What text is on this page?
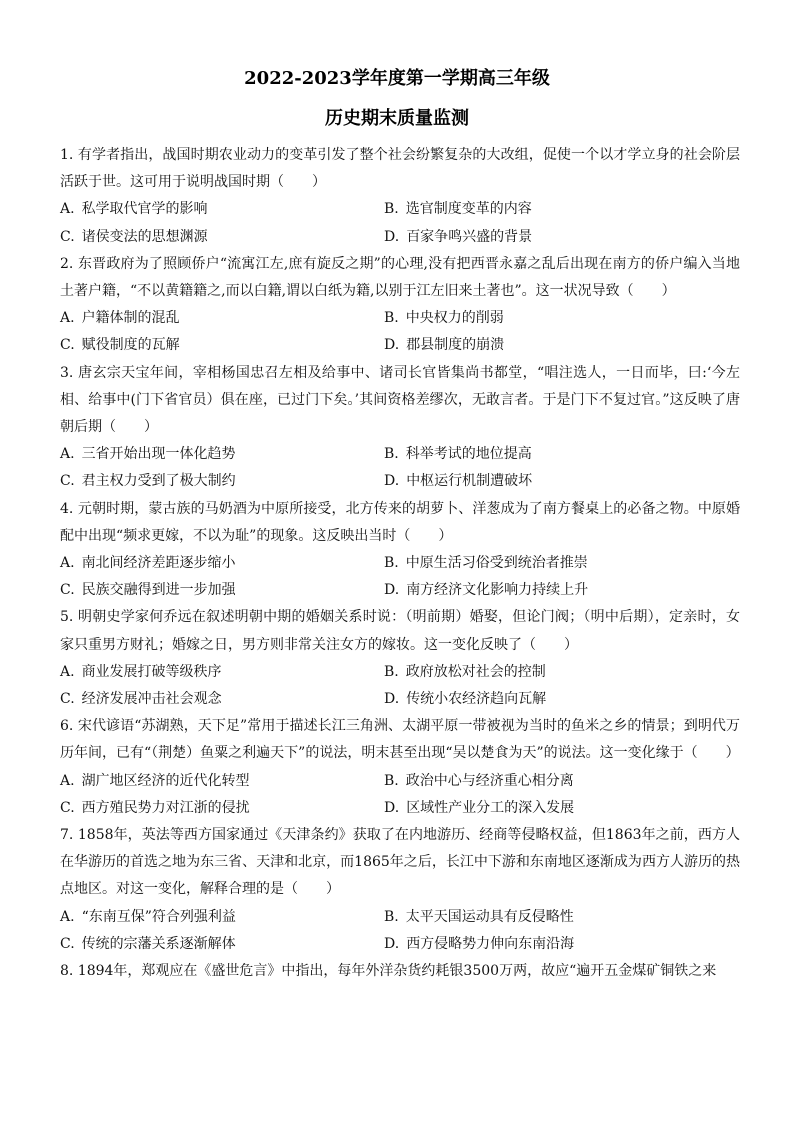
2022-2023学年度第一学期高三年级
历史期末质量监测

1. 有学者指出，战国时期农业动力的变革引发了整个社会纷繁复杂的大改组，促使一个以才学立身的社会阶层活跃于世。这可用于说明战国时期（　　）

A. 私学取代官学的影响	B. 选官制度变革的内容
C. 诸侯变法的思想渊源	D. 百家争鸣兴盛的背景

2. 东晋政府为了照顾侨户“流寓江左,庶有旋反之期”的心理,没有把西晋永嘉之乱后出现在南方的侨户编入当地土著户籍，“不以黄籍籍之,而以白籍,谓以白纸为籍,以别于江左旧来土著也”。这一状况导致（　　）

A. 户籍体制的混乱	B. 中央权力的削弱
C. 赋役制度的瓦解	D. 郡县制度的崩溃

3. 唐玄宗天宝年间，宰相杨国忠召左相及给事中、诸司长官皆集尚书都堂，“唱注选人，一日而毕，曰:‘今左相、给事中(门下省官员）俱在座，已过门下矣。’其间资格差缪次，无敢言者。于是门下不复过官。”这反映了唐朝后期（　　）

A. 三省开始出现一体化趋势	B. 科举考试的地位提高
C. 君主权力受到了极大制约	D. 中枢运行机制遭破坏

4. 元朝时期，蒙古族的马奶酒为中原所接受，北方传来的胡萝卜、洋葱成为了南方餐桌上的必备之物。中原婚配中出现“频求更嫁，不以为耻”的现象。这反映出当时（　　）

A. 南北间经济差距逐步缩小	B. 中原生活习俗受到统治者推崇
C. 民族交融得到进一步加强	D. 南方经济文化影响力持续上升

5. 明朝史学家何乔远在叙述明朝中期的婚姻关系时说：（明前期）婚娶，但论门阀；（明中后期），定亲时，女家只重男方财礼；婚嫁之日，男方则非常关注女方的嫁妆。这一变化反映了（　　）

A. 商业发展打破等级秩序	B. 政府放松对社会的控制
C. 经济发展冲击社会观念	D. 传统小农经济趋向瓦解

6. 宋代谚语“苏湖熟，天下足”常用于描述长江三角洲、太湖平原一带被视为当时的鱼米之乡的情景；到明代万历年间，已有“（荆楚）鱼粟之利遍天下”的说法，明末甚至出现“吴以楚食为天”的说法。这一变化缘于（　　）

A. 湖广地区经济的近代化转型	B. 政治中心与经济重心相分离
C. 西方殖民势力对江浙的侵扰	D. 区域性产业分工的深入发展

7. 1858年，英法等西方国家通过《天津条约》获取了在内地游历、经商等侵略权益，但1863年之前，西方人在华游历的首选之地为东三省、天津和北京，而1865年之后，长江中下游和东南地区逐渐成为西方人游历的热点地区。对这一变化，解释合理的是（　　）

A. “东南互保”符合列强利益	B. 太平天国运动具有反侵略性
C. 传统的宗藩关系逐渐解体	D. 西方侵略势力伸向东南沿海

8. 1894年，郑观应在《盛世危言》中指出，每年外洋杂货约耗银3500万两，故应“遍开五金煤矿铜铁之来
